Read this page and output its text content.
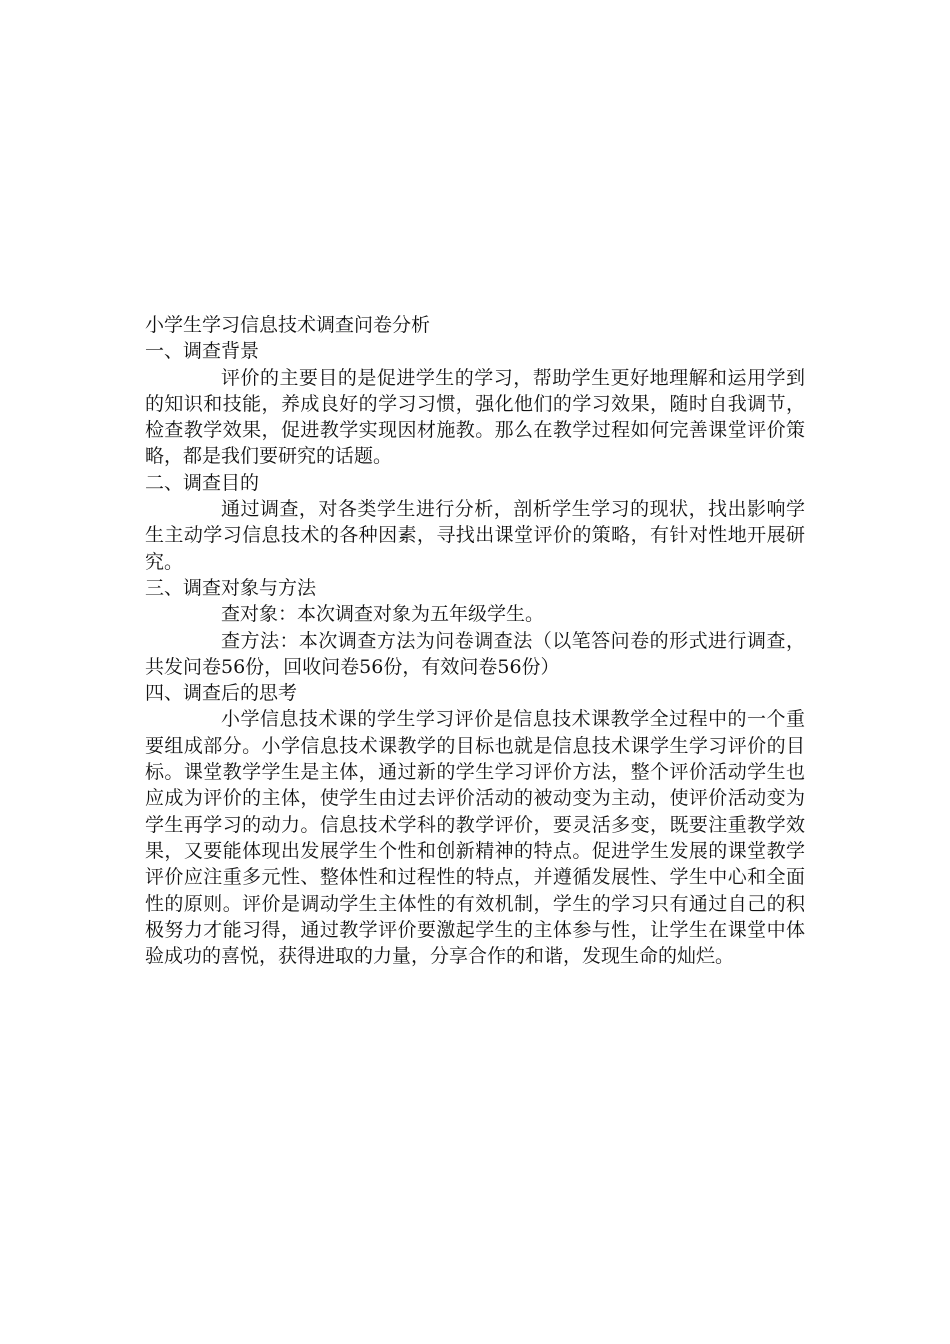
小学生学习信息技术调查问卷分析

一、调查背景

评价的主要目的是促进学生的学习，帮助学生更好地理解和运用学到的知识和技能，养成良好的学习习惯，强化他们的学习效果，随时自我调节，检查教学效果，促进教学实现因材施教。那么在教学过程如何完善课堂评价策略，都是我们要研究的话题。

二、调查目的

通过调查，对各类学生进行分析，剖析学生学习的现状，找出影响学生主动学习信息技术的各种因素，寻找出课堂评价的策略，有针对性地开展研究。

三、调查对象与方法

查对象：本次调查对象为五年级学生。

查方法：本次调查方法为问卷调查法（以笔答问卷的形式进行调查，共发问卷56份，回收问卷56份，有效问卷56份）

四、调查后的思考

小学信息技术课的学生学习评价是信息技术课教学全过程中的一个重要组成部分。小学信息技术课教学的目标也就是信息技术课学生学习评价的目标。课堂教学学生是主体，通过新的学生学习评价方法，整个评价活动学生也应成为评价的主体，使学生由过去评价活动的被动变为主动，使评价活动变为学生再学习的动力。信息技术学科的教学评价，要灵活多变，既要注重教学效果，又要能体现出发展学生个性和创新精神的特点。促进学生发展的课堂教学评价应注重多元性、整体性和过程性的特点，并遵循发展性、学生中心和全面性的原则。评价是调动学生主体性的有效机制，学生的学习只有通过自己的积极努力才能习得，通过教学评价要激起学生的主体参与性，让学生在课堂中体验成功的喜悦，获得进取的力量，分享合作的和谐，发现生命的灿烂。
